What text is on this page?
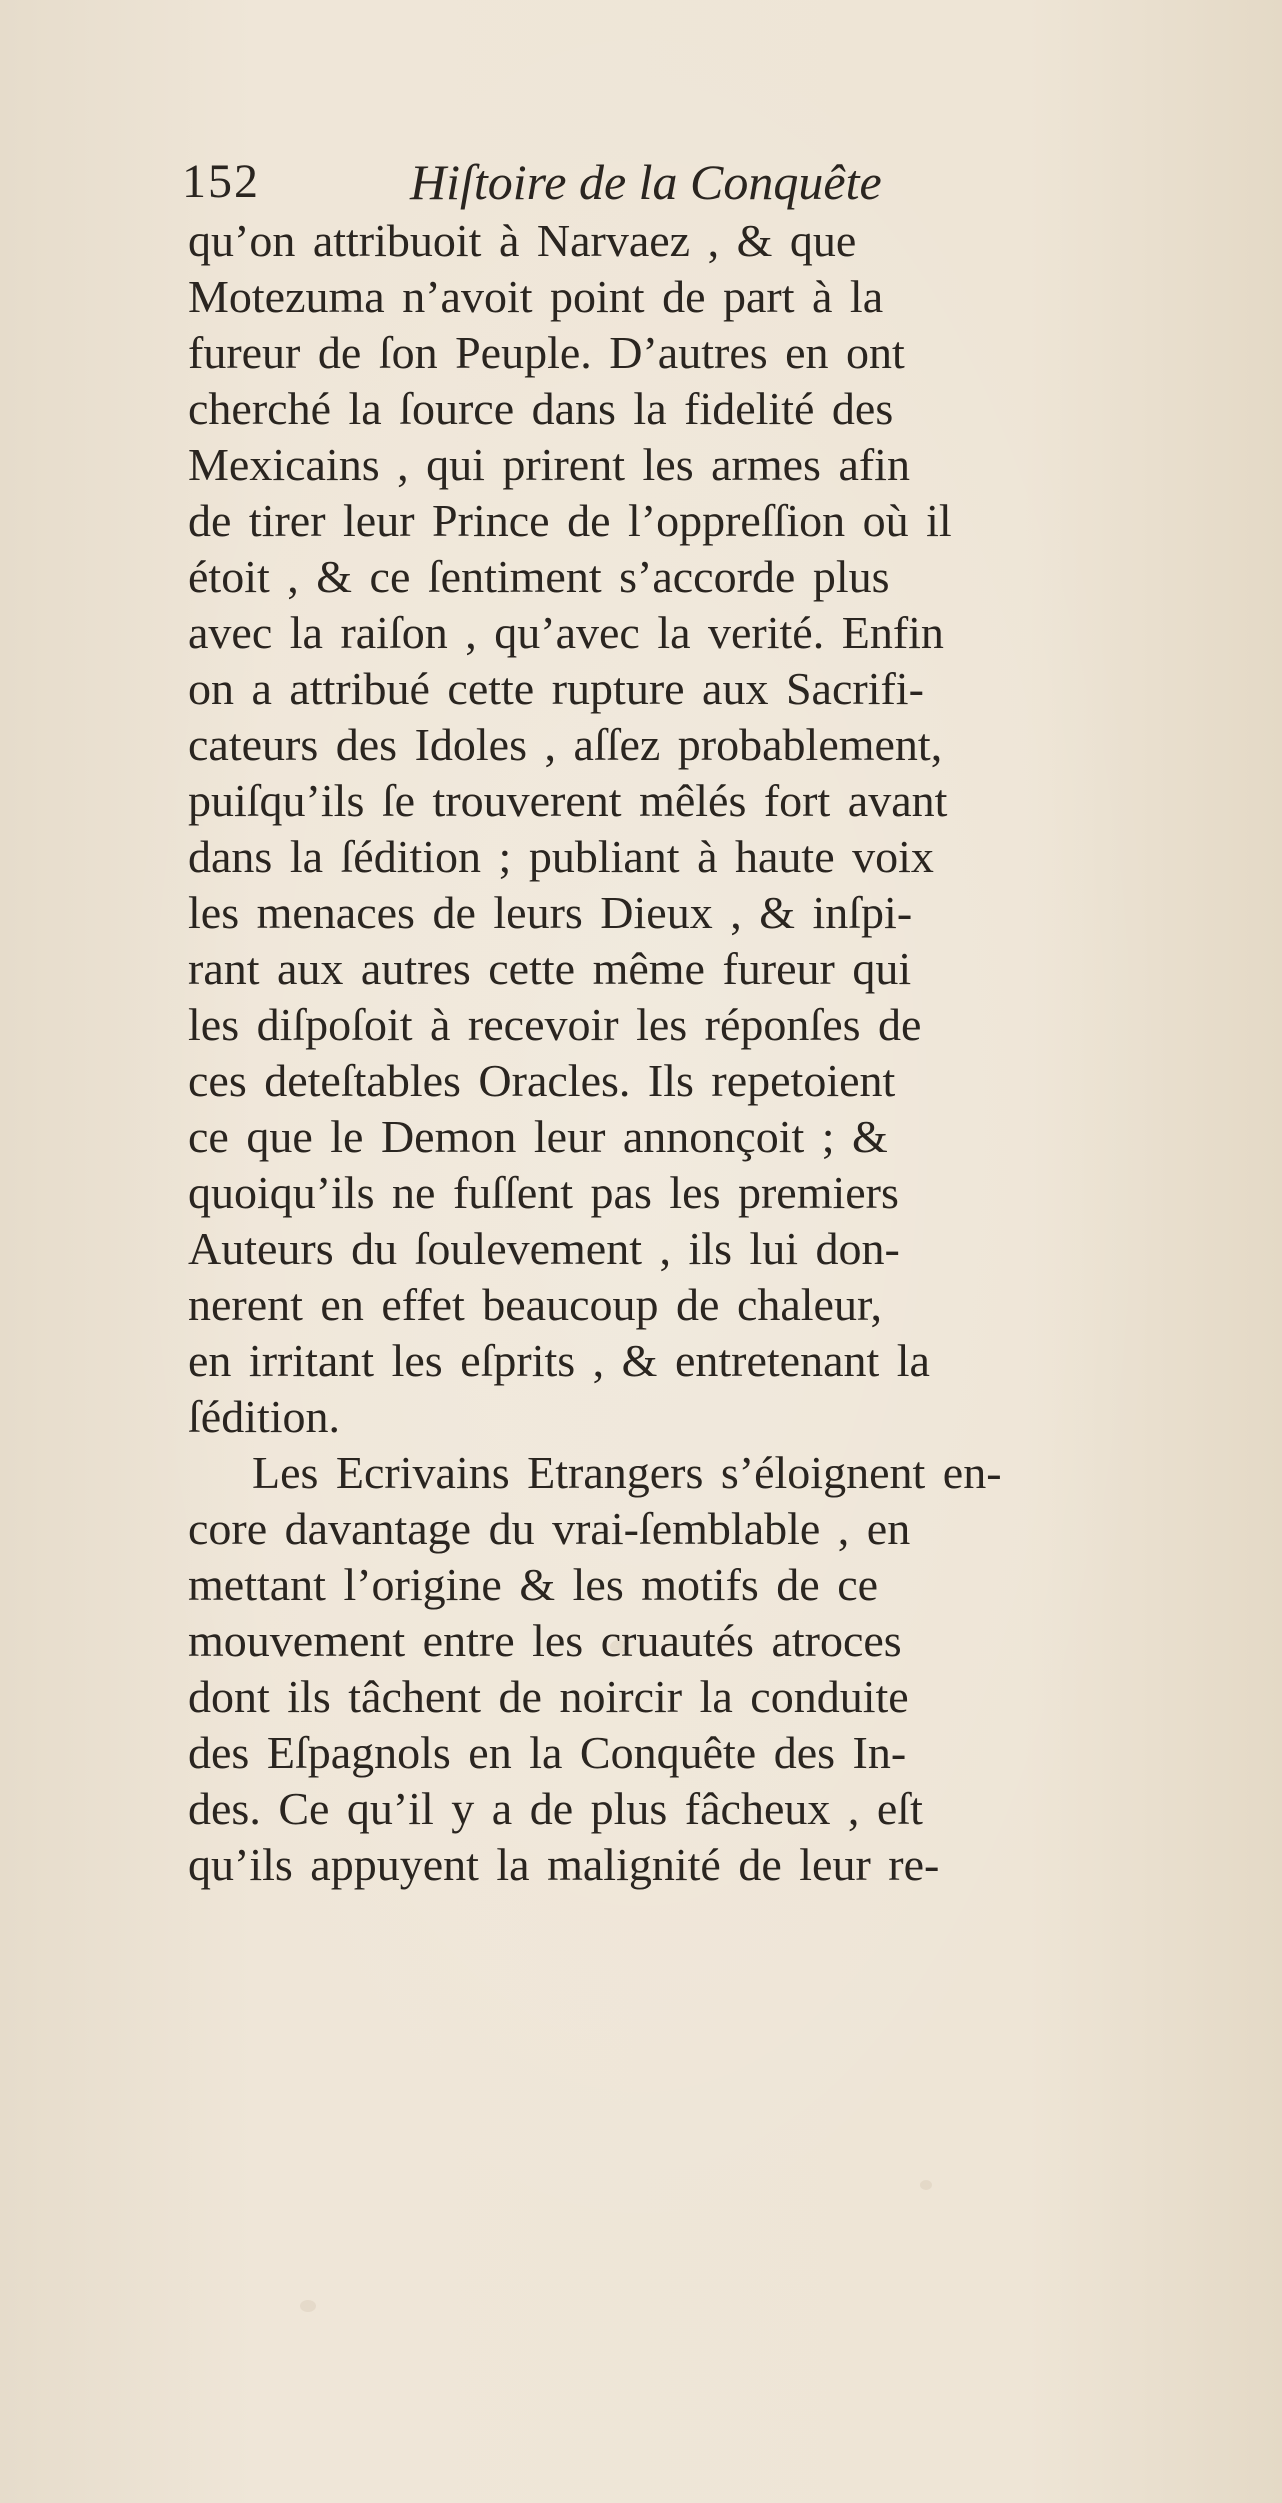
152	Hiſtoire de la Conquête
qu’on attribuoit à Narvaez , & que
Motezuma n’avoit point de part à la
fureur de ſon Peuple. D’autres en ont
cherché la ſource dans la fidelité des
Mexicains , qui prirent les armes afin
de tirer leur Prince de l’oppreſſion où il
étoit , & ce ſentiment s’accorde plus
avec la raiſon , qu’avec la verité. Enfin
on a attribué cette rupture aux Sacrifi-
cateurs des Idoles , aſſez probablement,
puiſqu’ils ſe trouverent mêlés fort avant
dans la ſédition ; publiant à haute voix
les menaces de leurs Dieux , & inſpi-
rant aux autres cette même fureur qui
les diſpoſoit à recevoir les réponſes de
ces deteſtables Oracles. Ils repetoient
ce que le Demon leur annonçoit ; &
quoiqu’ils ne fuſſent pas les premiers
Auteurs du ſoulevement , ils lui don-
nerent en effet beaucoup de chaleur,
en irritant les eſprits , & entretenant la
ſédition.
Les Ecrivains Etrangers s’éloignent en-
core davantage du vrai-ſemblable , en
mettant l’origine & les motifs de ce
mouvement entre les cruautés atroces
dont ils tâchent de noircir la conduite
des Eſpagnols en la Conquête des In-
des. Ce qu’il y a de plus fâcheux , eſt
qu’ils appuyent la malignité de leur re-
